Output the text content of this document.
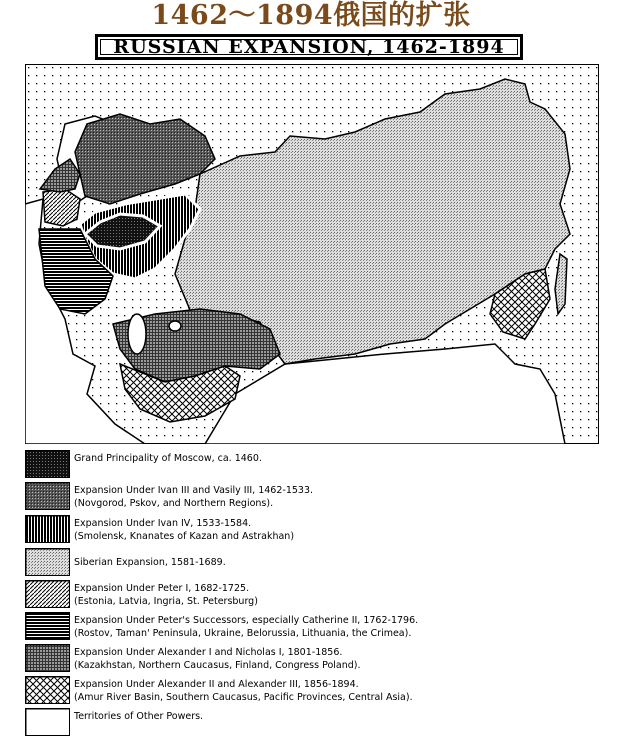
1462～1894俄国的扩张
RUSSIAN EXPANSION, 1462-1894
Grand Principality of Moscow, ca. 1460.
Expansion Under Ivan III and Vasily III, 1462-1533.
(Novgorod, Pskov, and Northern Regions).
Expansion Under Ivan IV, 1533-1584.
(Smolensk, Knanates of Kazan and Astrakhan)
Siberian Expansion, 1581-1689.
Expansion Under Peter I, 1682-1725.
(Estonia, Latvia, Ingria, St. Petersburg)
Expansion Under Peter's Successors, especially Catherine II, 1762-1796.
(Rostov, Taman' Peninsula, Ukraine, Belorussia, Lithuania, the Crimea).
Expansion Under Alexander I and Nicholas I, 1801-1856.
(Kazakhstan, Northern Caucasus, Finland, Congress Poland).
Expansion Under Alexander II and Alexander III, 1856-1894.
(Amur River Basin, Southern Caucasus, Pacific Provinces, Central Asia).
Territories of Other Powers.
